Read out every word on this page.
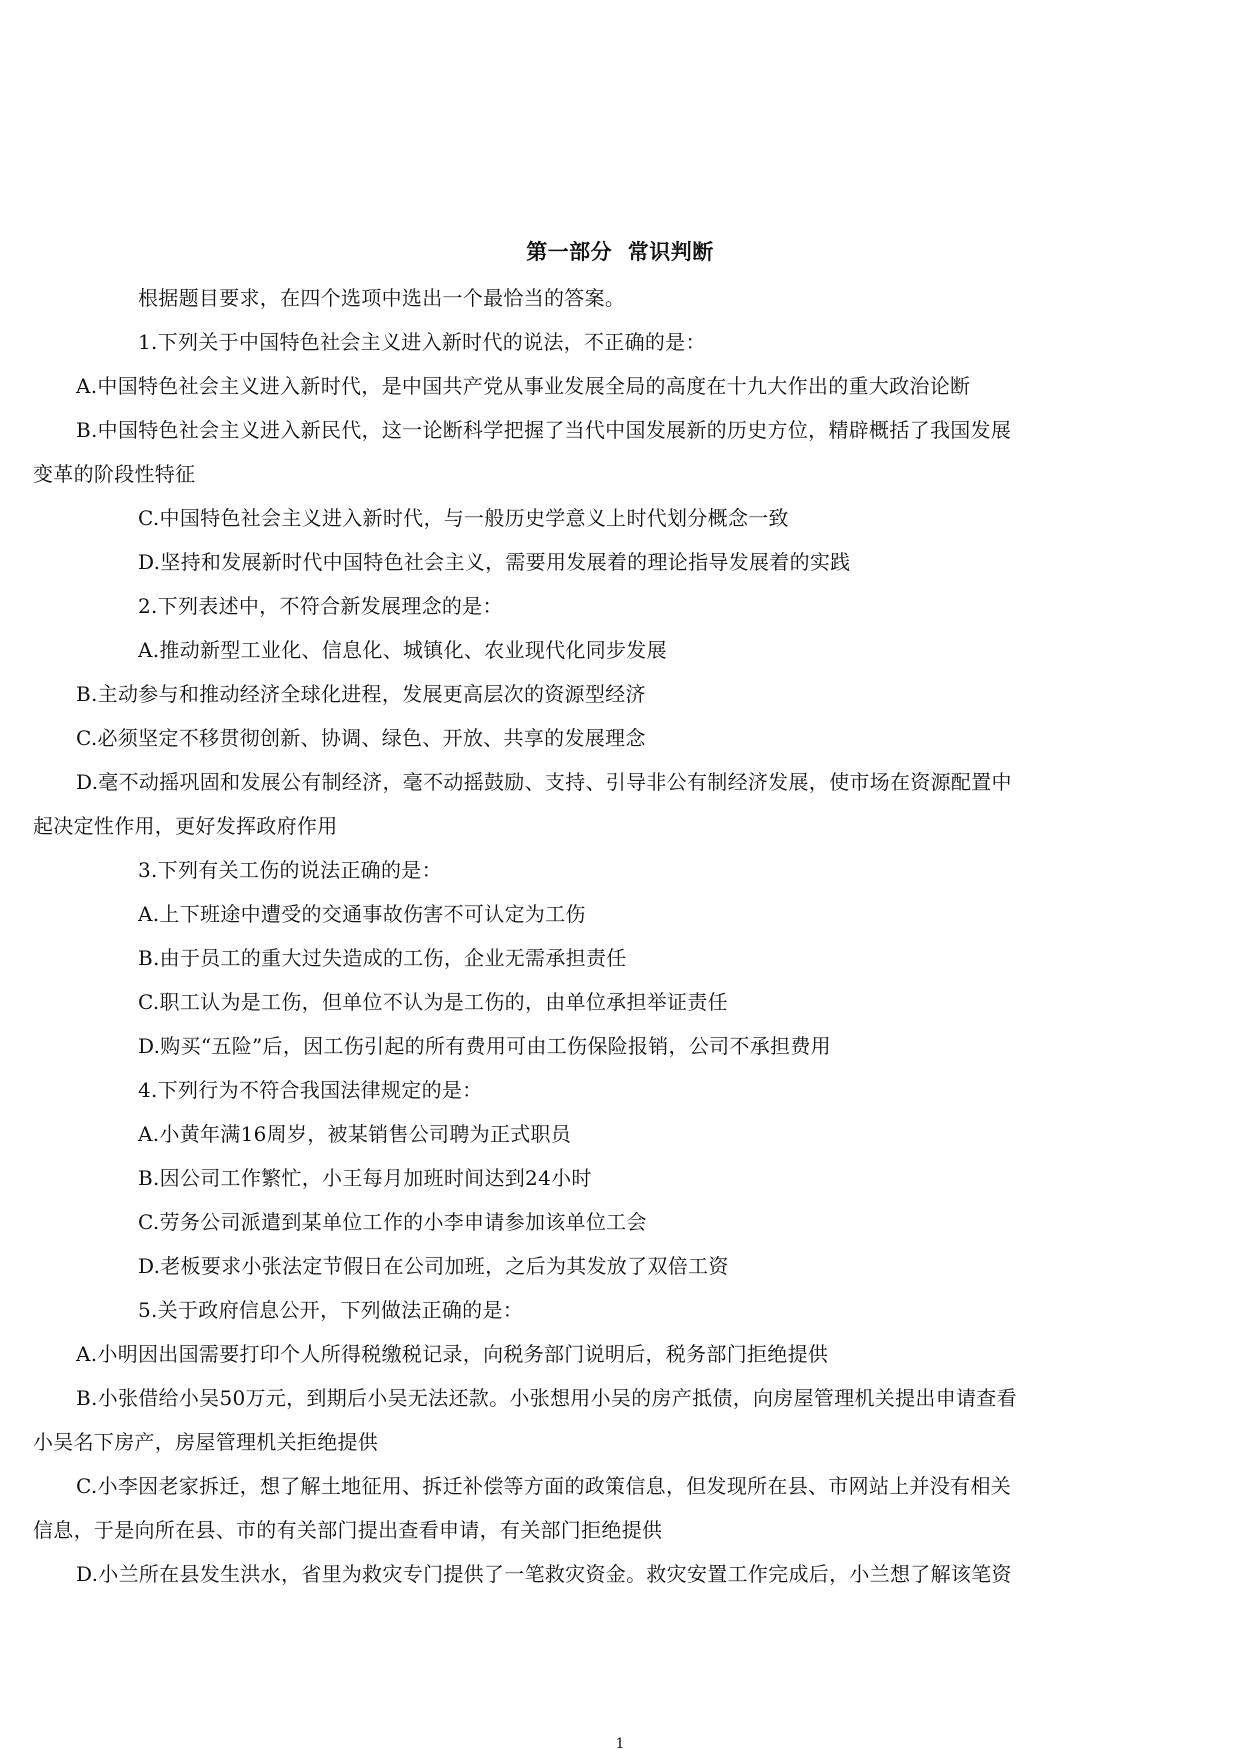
第一部分  常识判断
根据题目要求，在四个选项中选出一个最恰当的答案。
1.下列关于中国特色社会主义进入新时代的说法，不正确的是：
A.中国特色社会主义进入新时代，是中国共产党从事业发展全局的高度在十九大作出的重大政治论断
B.中国特色社会主义进入新民代，这一论断科学把握了当代中国发展新的历史方位，精辟概括了我国发展
变革的阶段性特征
C.中国特色社会主义进入新时代，与一般历史学意义上时代划分概念一致
D.坚持和发展新时代中国特色社会主义，需要用发展着的理论指导发展着的实践
2.下列表述中，不符合新发展理念的是：
A.推动新型工业化、信息化、城镇化、农业现代化同步发展
B.主动参与和推动经济全球化进程，发展更高层次的资源型经济
C.必须坚定不移贯彻创新、协调、绿色、开放、共享的发展理念
D.毫不动摇巩固和发展公有制经济，毫不动摇鼓励、支持、引导非公有制经济发展，使市场在资源配置中
起决定性作用，更好发挥政府作用
3.下列有关工伤的说法正确的是：
A.上下班途中遭受的交通事故伤害不可认定为工伤
B.由于员工的重大过失造成的工伤，企业无需承担责任
C.职工认为是工伤，但单位不认为是工伤的，由单位承担举证责任
D.购买“五险”后，因工伤引起的所有费用可由工伤保险报销，公司不承担费用
4.下列行为不符合我国法律规定的是：
A.小黄年满16周岁，被某销售公司聘为正式职员
B.因公司工作繁忙，小王每月加班时间达到24小时
C.劳务公司派遣到某单位工作的小李申请参加该单位工会
D.老板要求小张法定节假日在公司加班，之后为其发放了双倍工资
5.关于政府信息公开，下列做法正确的是：
A.小明因出国需要打印个人所得税缴税记录，向税务部门说明后，税务部门拒绝提供
B.小张借给小吴50万元，到期后小吴无法还款。小张想用小吴的房产抵债，向房屋管理机关提出申请查看
小吴名下房产，房屋管理机关拒绝提供
C.小李因老家拆迁，想了解土地征用、拆迁补偿等方面的政策信息，但发现所在县、市网站上并没有相关
信息，于是向所在县、市的有关部门提出查看申请，有关部门拒绝提供
D.小兰所在县发生洪水，省里为救灾专门提供了一笔救灾资金。救灾安置工作完成后，小兰想了解该笔资
1
